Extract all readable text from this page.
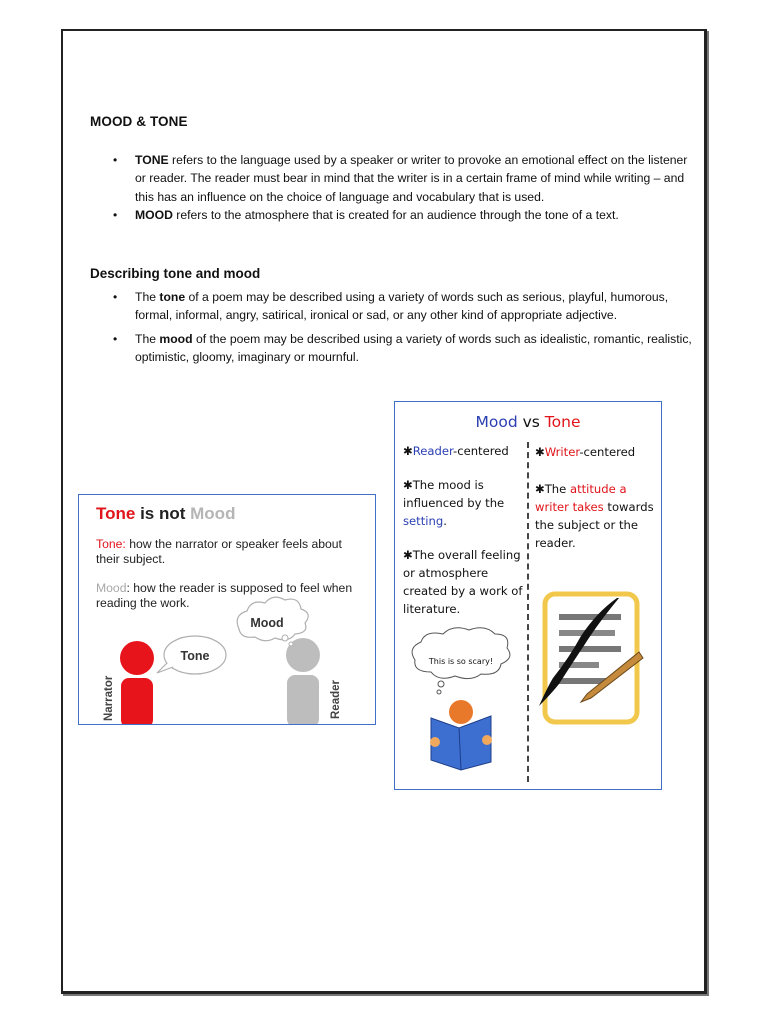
MOOD & TONE
• TONE refers to the language used by a speaker or writer to provoke an emotional effect on the listener or reader. The reader must bear in mind that the writer is in a certain frame of mind while writing – and this has an influence on the choice of language and vocabulary that is used.
• MOOD refers to the atmosphere that is created for an audience through the tone of a text.
Describing tone and mood
• The tone of a poem may be described using a variety of words such as serious, playful, humorous, formal, informal, angry, satirical, ironical or sad, or any other kind of appropriate adjective.
• The mood of the poem may be described using a variety of words such as idealistic, romantic, realistic, optimistic, gloomy, imaginary or mournful.
Tone is not Mood
Tone: how the narrator or speaker feels about their subject.
Mood: how the reader is supposed to feel when reading the work.
Tone
Mood
Narrator	Reader
Mood vs Tone
✱Reader-centered	✱Writer-centered
✱The mood is influenced by the setting.
✱The overall feeling or atmosphere created by a work of literature.
✱The attitude a writer takes towards the subject or the reader.
This is so scary!
